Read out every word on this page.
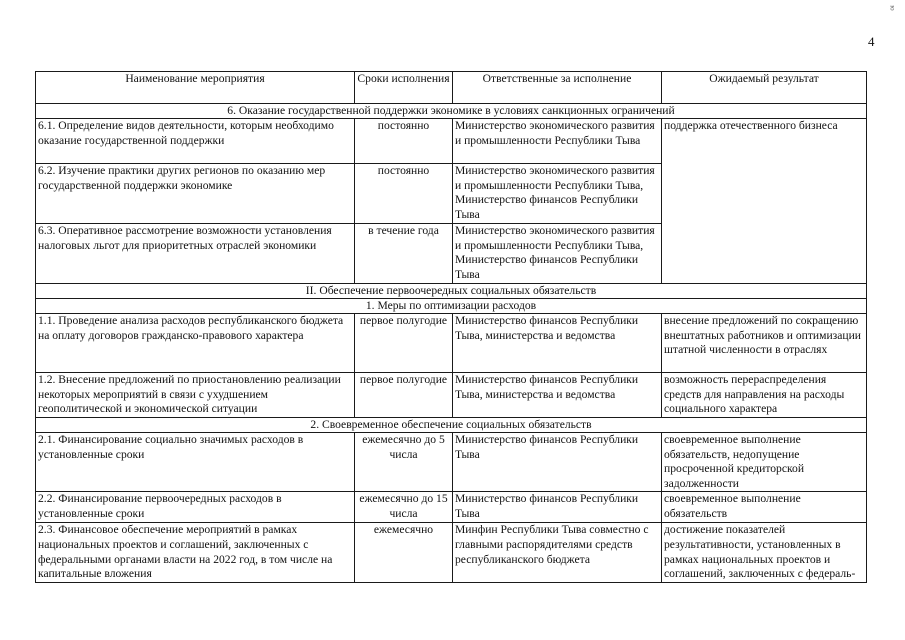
4
ю
Наименование мероприятия	Сроки исполнения	Ответственные за исполнение	Ожидаемый результат
6. Оказание государственной поддержки экономике в условиях санкционных ограничений			
6.1. Определение видов деятельности, которым необходимо оказание государственной поддержки	постоянно	Министерство экономического развития и промышленности Республики Тыва	поддержка отечественного бизнеса
6.2. Изучение практики других регионов по оказанию мер государственной поддержки экономике	постоянно	Министерство экономического развития и промышленности Республики Тыва, Министерство финансов Республики Тыва	
6.3. Оперативное рассмотрение возможности установления налоговых льгот для приоритетных отраслей экономики	в течение года	Министерство экономического развития и промышленности Республики Тыва, Министерство финансов Республики Тыва	
II. Обеспечение первоочередных социальных обязательств			
1. Меры по оптимизации расходов			
1.1. Проведение анализа расходов республиканского бюджета на оплату договоров гражданско-правового характера	первое полугодие	Министерство финансов Республики Тыва, министерства и ведомства	внесение предложений по сокращению внештатных работников и оптимизации штатной численности в отраслях
1.2. Внесение предложений по приостановлению реализации некоторых мероприятий в связи с ухудшением геополитической и экономической ситуации	первое полугодие	Министерство финансов Республики Тыва, министерства и ведомства	возможность перераспределения средств для направления на расходы социального характера
2. Своевременное обеспечение социальных обязательств			
2.1. Финансирование социально значимых расходов в установленные сроки	ежемесячно до 5 числа	Министерство финансов Республики Тыва	своевременное выполнение обязательств, недопущение просроченной кредиторской задолженности
2.2. Финансирование первоочередных расходов в установленные сроки	ежемесячно до 15 числа	Министерство финансов Республики Тыва	своевременное выполнение обязательств
2.3. Финансовое обеспечение мероприятий в рамках национальных проектов и соглашений, заключенных с федеральными органами власти на 2022 год, в том числе на капитальные вложения	ежемесячно	Минфин Республики Тыва совместно с главными распорядителями средств республиканского бюджета	достижение показателей результативности, установленных в рамках национальных проектов и соглашений, заключенных с федераль-
